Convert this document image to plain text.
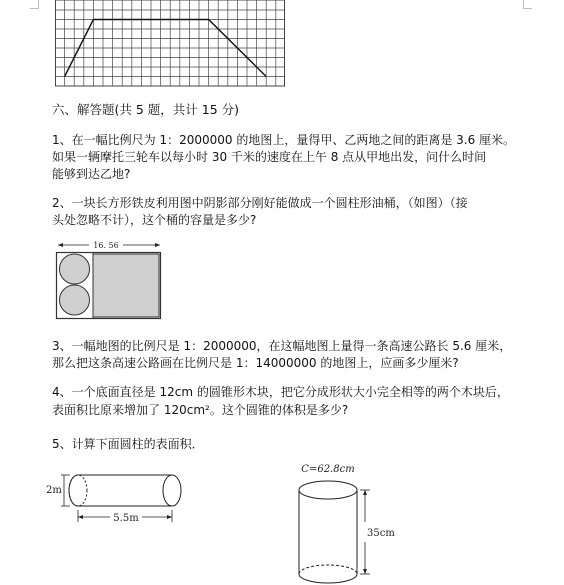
六、解答题(共 5 题，共计 15 分)
1、在一幅比例尺为 1：2000000 的地图上，量得甲、乙两地之间的距离是 3.6 厘米。
如果一辆摩托三轮车以每小时 30 千米的速度在上午 8 点从甲地出发，问什么时间
能够到达乙地?
2、一块长方形铁皮利用图中阴影部分刚好能做成一个圆柱形油桶，（如图）（接
头处忽略不计），这个桶的容量是多少?
16. 56
3、一幅地图的比例尺是 1：2000000，在这幅地图上量得一条高速公路长 5.6 厘米，
那么把这条高速公路画在比例尺是 1：14000000 的地图上，应画多少厘米?
4、一个底面直径是 12cm 的圆锥形木块，把它分成形状大小完全相等的两个木块后，
表面积比原来增加了 120cm²。这个圆锥的体积是多少?
5、计算下面圆柱的表面积．
2m
5.5m
C=62.8cm
35cm
